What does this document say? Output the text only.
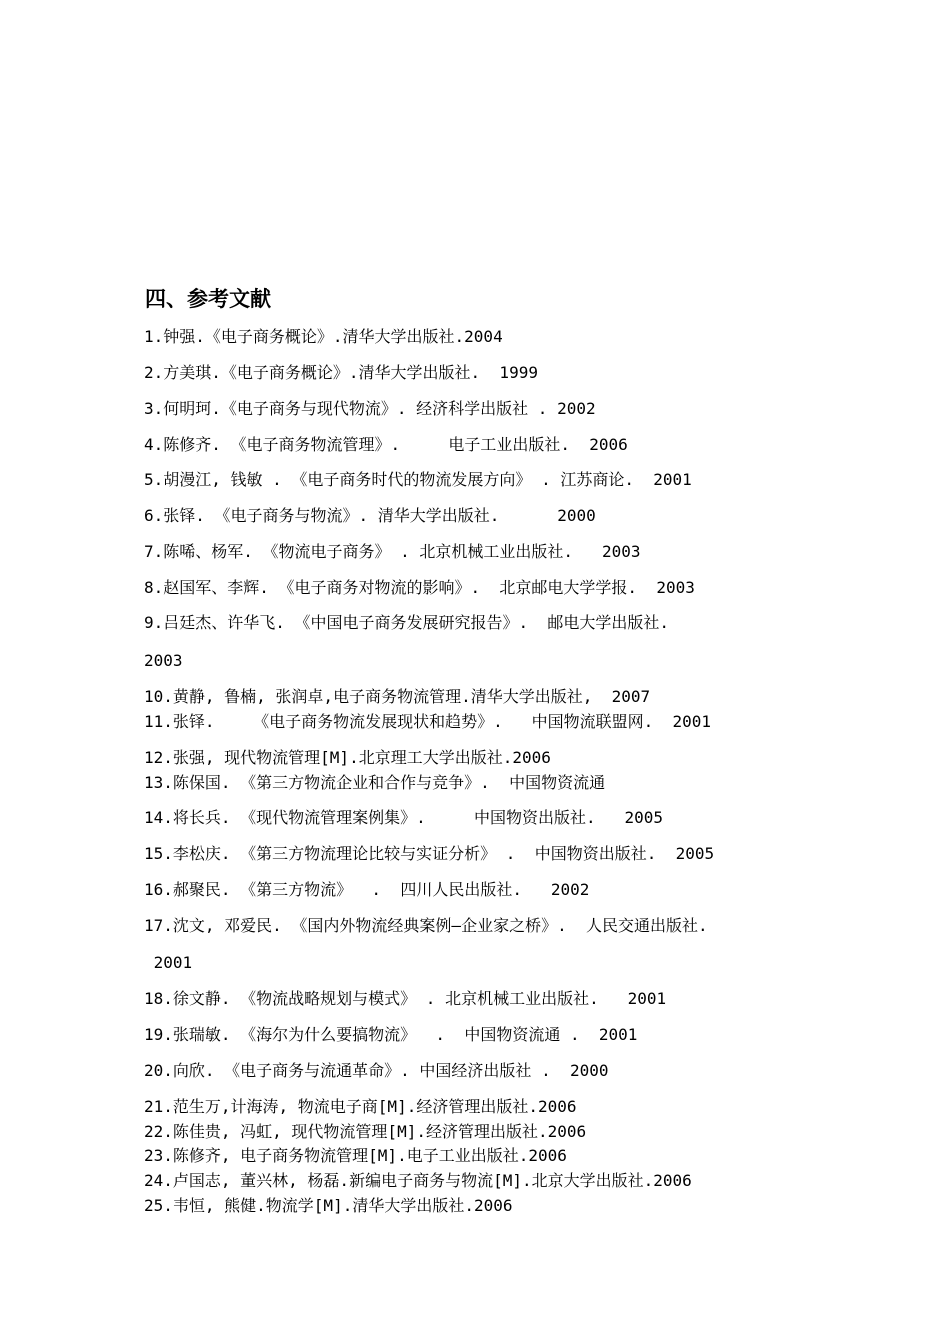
四、参考文献

1.钟强.《电子商务概论》.清华大学出版社.2004

2.方美琪.《电子商务概论》.清华大学出版社.  1999

3.何明珂.《电子商务与现代物流》. 经济科学出版社 . 2002

4.陈修齐. 《电子商务物流管理》.     电子工业出版社.  2006

5.胡漫江, 钱敏 . 《电子商务时代的物流发展方向》 . 江苏商论.  2001

6.张铎. 《电子商务与物流》. 清华大学出版社.      2000

7.陈唏、杨军. 《物流电子商务》 . 北京机械工业出版社.   2003

8.赵国军、李辉. 《电子商务对物流的影响》.  北京邮电大学学报.  2003

9.吕廷杰、许华飞. 《中国电子商务发展研究报告》.  邮电大学出版社.

2003

10.黄静, 鲁楠, 张润卓,电子商务物流管理.清华大学出版社,  2007

11.张铎.    《电子商务物流发展现状和趋势》.   中国物流联盟网.  2001

12.张强, 现代物流管理[M].北京理工大学出版社.2006

13.陈保国. 《第三方物流企业和合作与竞争》.  中国物资流通

14.将长兵. 《现代物流管理案例集》.     中国物资出版社.   2005

15.李松庆. 《第三方物流理论比较与实证分析》 .  中国物资出版社.  2005

16.郝聚民. 《第三方物流》  .  四川人民出版社.   2002

17.沈文, 邓爱民. 《国内外物流经典案例—企业家之桥》.  人民交通出版社.

2001

18.徐文静. 《物流战略规划与模式》 . 北京机械工业出版社.   2001

19.张瑞敏. 《海尔为什么要搞物流》  .  中国物资流通 .  2001

20.向欣. 《电子商务与流通革命》. 中国经济出版社 .  2000

21.范生万,计海涛, 物流电子商[M].经济管理出版社.2006

22.陈佳贵, 冯虹, 现代物流管理[M].经济管理出版社.2006

23.陈修齐, 电子商务物流管理[M].电子工业出版社.2006

24.卢国志, 董兴林, 杨磊.新编电子商务与物流[M].北京大学出版社.2006

25.韦恒, 熊健.物流学[M].清华大学出版社.2006
